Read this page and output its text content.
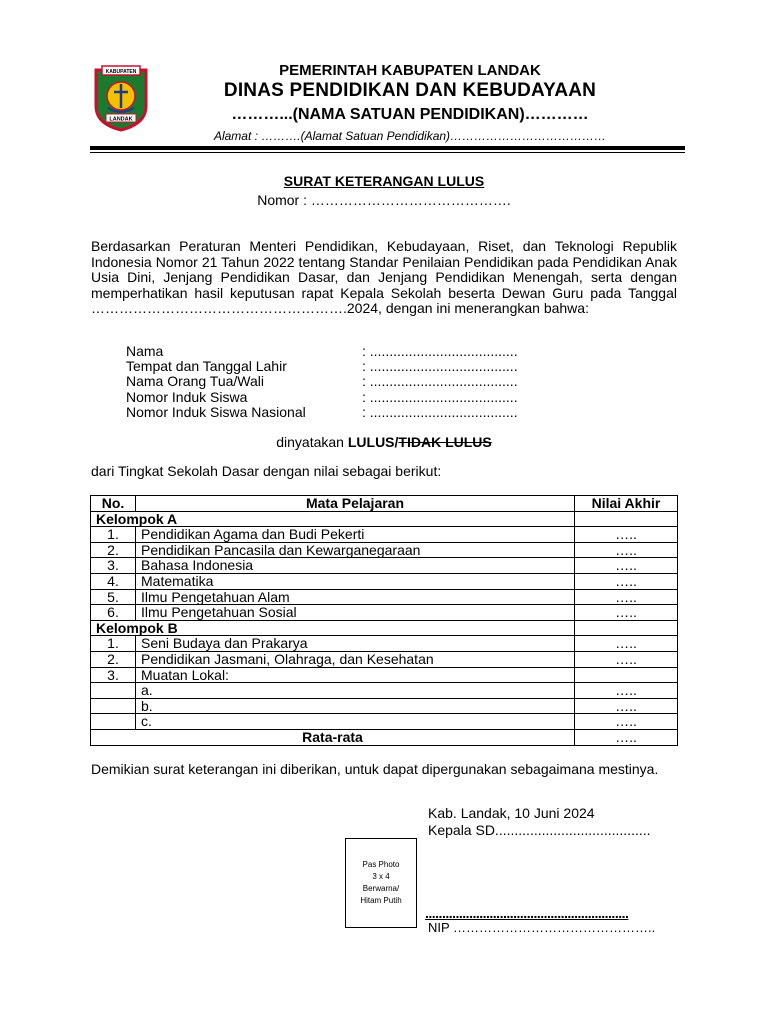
KABUPATEN
LANDAK
PEMERINTAH KABUPATEN LANDAK
DINAS PENDIDIKAN DAN KEBUDAYAAN
………...(NAMA SATUAN PENDIDIKAN)…………
Alamat : ……….(Alamat Satuan Pendidikan)…………………………………
SURAT KETERANGAN LULUS
Nomor : …………………………………….
Berdasarkan Peraturan Menteri Pendidikan, Kebudayaan, Riset, dan Teknologi Republik Indonesia Nomor 21 Tahun 2022 tentang Standar Penilaian Pendidikan pada Pendidikan Anak Usia Dini, Jenjang Pendidikan Dasar, dan Jenjang Pendidikan Menengah, serta dengan memperhatikan hasil keputusan rapat Kepala Sekolah beserta Dewan Guru pada Tanggal ……………………………………………….2024, dengan ini menerangkan bahwa:
Nama	: ......................................
Tempat dan Tanggal Lahir	: ......................................
Nama Orang Tua/Wali	: ......................................
Nomor Induk Siswa	: ......................................
Nomor Induk Siswa Nasional	: ......................................
dinyatakan LULUS/TIDAK LULUS
dari Tingkat Sekolah Dasar dengan nilai sebagai berikut:
No.	Mata Pelajaran	Nilai Akhir
Kelompok A		
1.	Pendidikan Agama dan Budi Pekerti	…..
2.	Pendidikan Pancasila dan Kewarganegaraan	…..
3.	Bahasa Indonesia	…..
4.	Matematika	…..
5.	Ilmu Pengetahuan Alam	…..
6.	Ilmu Pengetahuan Sosial	…..
Kelompok B		
1.	Seni Budaya dan Prakarya	…..
2.	Pendidikan Jasmani, Olahraga, dan Kesehatan	…..
3.	Muatan Lokal:	
	a.	…..
	b.	…..
	c.	…..
Rata-rata		…..
Demikian surat keterangan ini diberikan, untuk dapat dipergunakan sebagaimana mestinya.
Kab. Landak, 10 Juni 2024
Kepala SD........................................
Pas Photo
3 x 4
Berwarna/
Hitam Putih
............................................................
NIP ………………………………………..
